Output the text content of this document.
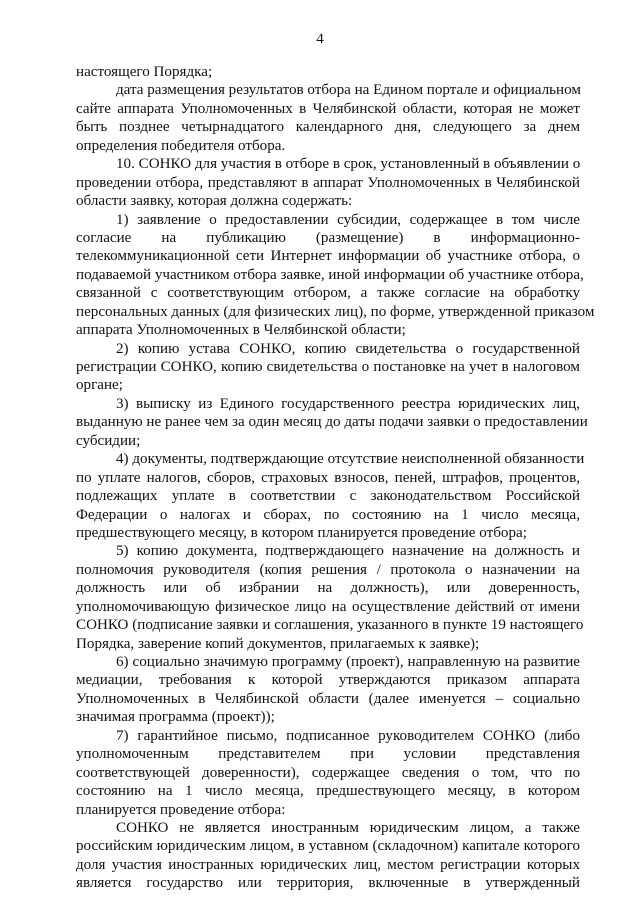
4
настоящего Порядка;
дата размещения результатов отбора на Едином портале и официальном
сайте аппарата Уполномоченных в Челябинской области, которая не может
быть позднее четырнадцатого календарного дня, следующего за днем
определения победителя отбора.
10. СОНКО для участия в отборе в срок, установленный в объявлении о
проведении отбора, представляют в аппарат Уполномоченных в Челябинской
области заявку, которая должна содержать:
1) заявление о предоставлении субсидии, содержащее в том числе
согласие на публикацию (размещение) в информационно-
телекоммуникационной сети Интернет информации об участнике отбора, о
подаваемой участником отбора заявке, иной информации об участнике отбора,
связанной с соответствующим отбором, а также согласие на обработку
персональных данных (для физических лиц), по форме, утвержденной приказом
аппарата Уполномоченных в Челябинской области;
2) копию устава СОНКО, копию свидетельства о государственной
регистрации СОНКО, копию свидетельства о постановке на учет в налоговом
органе;
3) выписку из Единого государственного реестра юридических лиц,
выданную не ранее чем за один месяц до даты подачи заявки о предоставлении
субсидии;
4) документы, подтверждающие отсутствие неисполненной обязанности
по уплате налогов, сборов, страховых взносов, пеней, штрафов, процентов,
подлежащих уплате в соответствии с законодательством Российской
Федерации о налогах и сборах, по состоянию на 1 число месяца,
предшествующего месяцу, в котором планируется проведение отбора;
5) копию документа, подтверждающего назначение на должность и
полномочия руководителя (копия решения / протокола о назначении на
должность или об избрании на должность), или доверенность,
уполномочивающую физическое лицо на осуществление действий от имени
СОНКО (подписание заявки и соглашения, указанного в пункте 19 настоящего
Порядка, заверение копий документов, прилагаемых к заявке);
6) социально значимую программу (проект), направленную на развитие
медиации, требования к которой утверждаются приказом аппарата
Уполномоченных в Челябинской области (далее именуется – социально
значимая программа (проект));
7) гарантийное письмо, подписанное руководителем СОНКО (либо
уполномоченным представителем при условии представления
соответствующей доверенности), содержащее сведения о том, что по
состоянию на 1 число месяца, предшествующего месяцу, в котором
планируется проведение отбора:
СОНКО не является иностранным юридическим лицом, а также
российским юридическим лицом, в уставном (складочном) капитале которого
доля участия иностранных юридических лиц, местом регистрации которых
является государство или территория, включенные в утвержденный
